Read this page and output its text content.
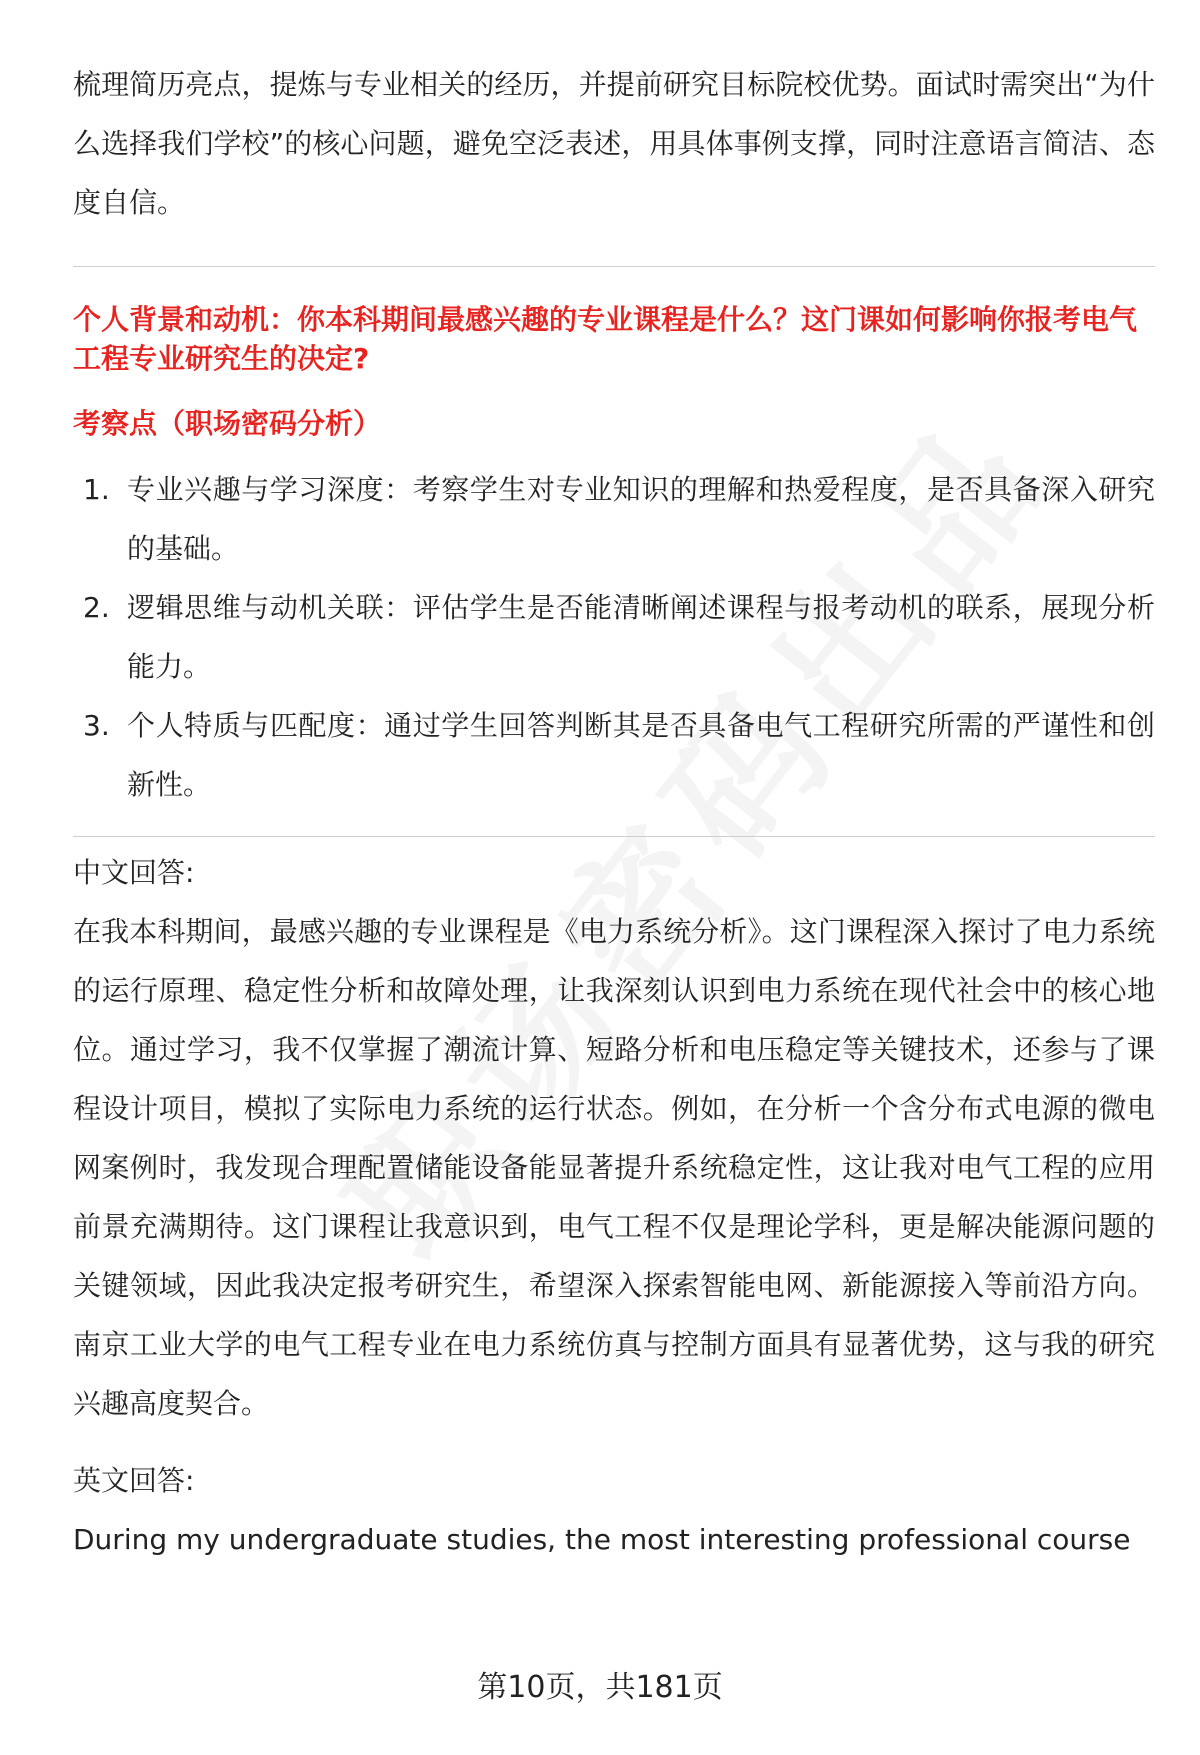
梳理简历亮点，提炼与专业相关的经历，并提前研究目标院校优势。面试时需突出“为什么选择我们学校”的核心问题，避免空泛表述，用具体事例支撑，同时注意语言简洁、态度自信。

个人背景和动机：你本科期间最感兴趣的专业课程是什么？这门课如何影响你报考电气工程专业研究生的决定?

考察点（职场密码分析）

1. 专业兴趣与学习深度：考察学生对专业知识的理解和热爱程度，是否具备深入研究的基础。
2. 逻辑思维与动机关联：评估学生是否能清晰阐述课程与报考动机的联系，展现分析能力。
3. 个人特质与匹配度：通过学生回答判断其是否具备电气工程研究所需的严谨性和创新性。

中文回答:

在我本科期间，最感兴趣的专业课程是《电力系统分析》。这门课程深入探讨了电力系统的运行原理、稳定性分析和故障处理，让我深刻认识到电力系统在现代社会中的核心地位。通过学习，我不仅掌握了潮流计算、短路分析和电压稳定等关键技术，还参与了课程设计项目，模拟了实际电力系统的运行状态。例如，在分析一个含分布式电源的微电网案例时，我发现合理配置储能设备能显著提升系统稳定性，这让我对电气工程的应用前景充满期待。这门课程让我意识到，电气工程不仅是理论学科，更是解决能源问题的关键领域，因此我决定报考研究生，希望深入探索智能电网、新能源接入等前沿方向。南京工业大学的电气工程专业在电力系统仿真与控制方面具有显著优势，这与我的研究兴趣高度契合。

英文回答:

During my undergraduate studies, the most interesting professional course

第10页，共181页
